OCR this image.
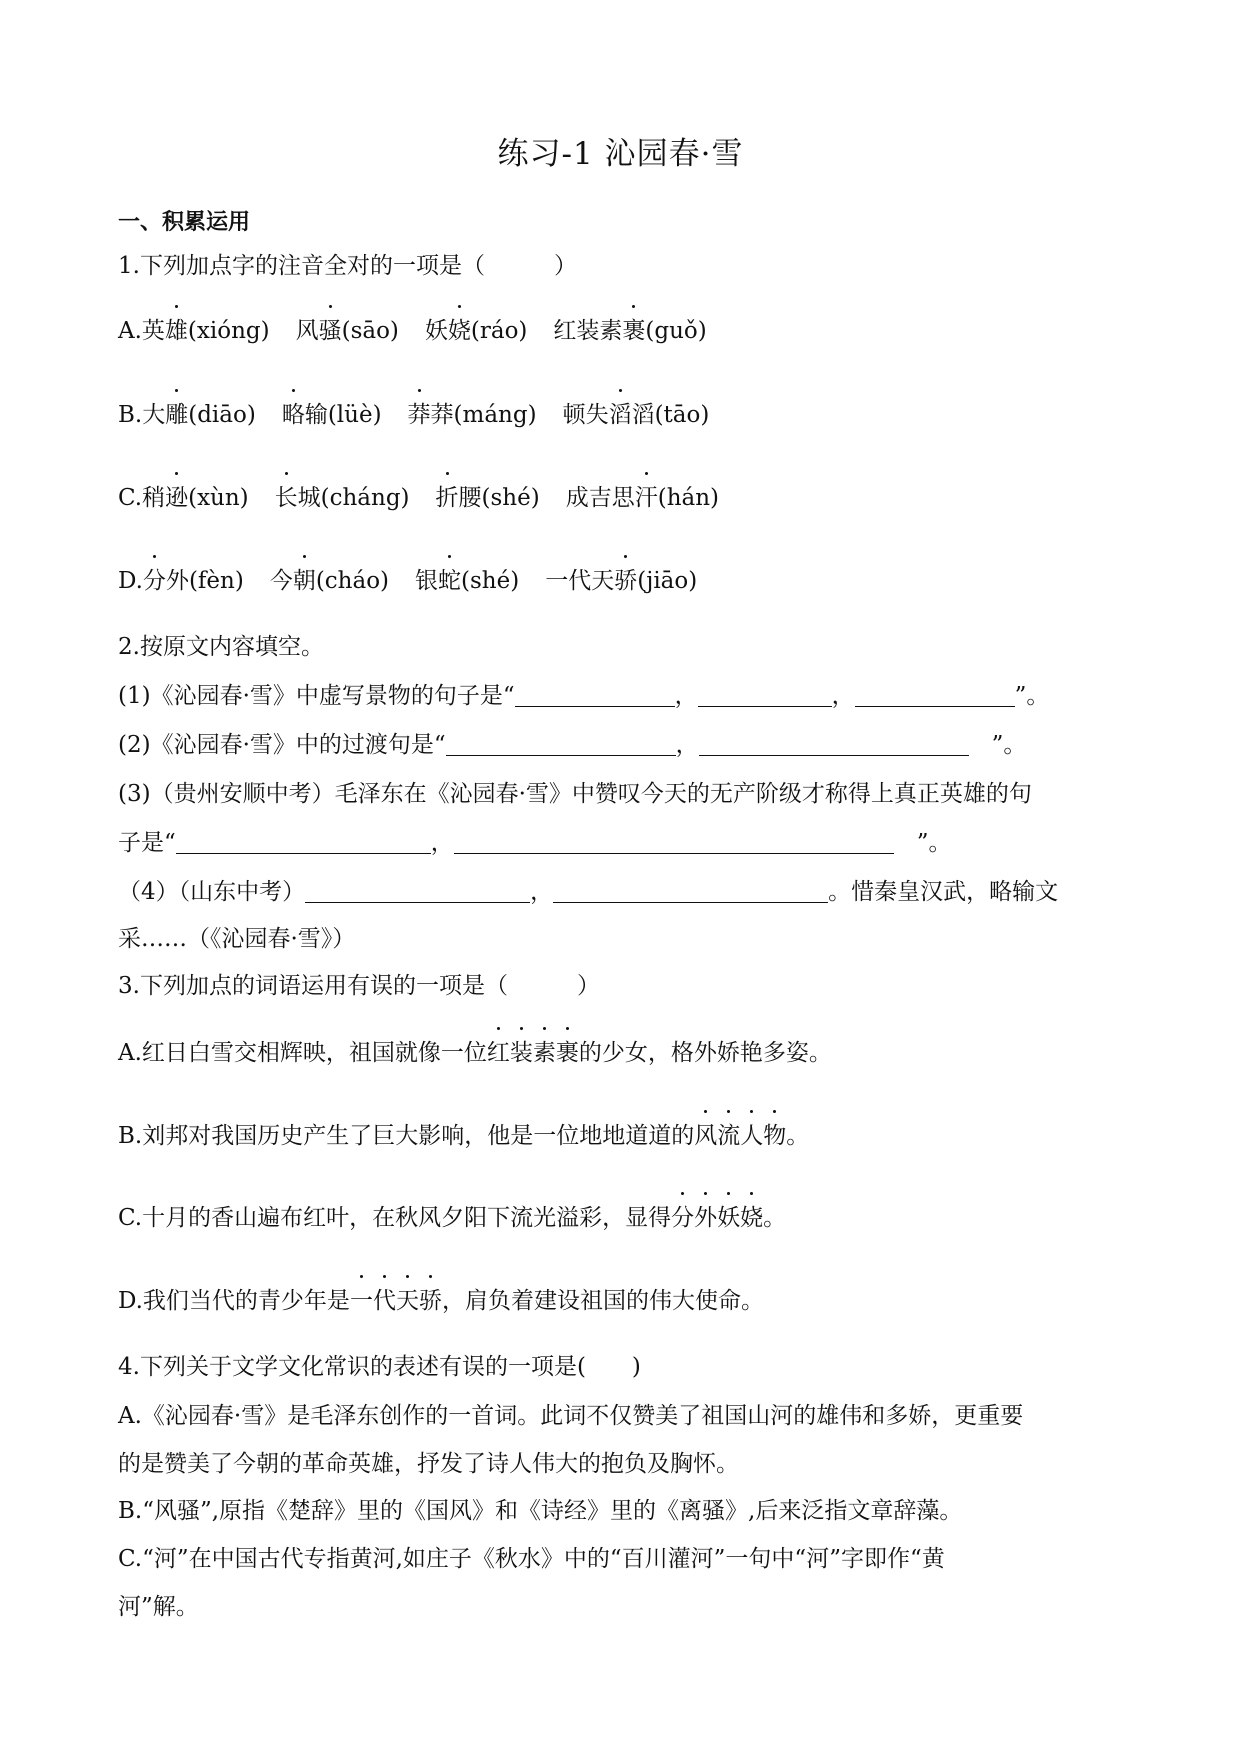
练习-1 沁园春·雪
一、积累运用
1.下列加点字的注音全对的一项是（　　　）
A.英雄(xióng) 风骚(sāo) 妖娆(ráo) 红装素裹(guǒ)
B.大雕(diāo) 略输(lüè) 莽莽(máng) 顿失滔滔(tāo)
C.稍逊(xùn) 长城(cháng) 折腰(shé) 成吉思汗(hán)
D.分外(fèn) 今朝(cháo) 银蛇(shé) 一代天骄(jiāo)
2.按原文内容填空。
(1)《沁园春·雪》中虚写景物的句子是“	，	，	”。
(2)《沁园春·雪》中的过渡句是“	，	　”。
(3)（贵州安顺中考）毛泽东在《沁园春·雪》中赞叹今天的无产阶级才称得上真正英雄的句
子是“	，	　”。
（4）（山东中考）	，	。惜秦皇汉武，略输文
采……（《沁园春·雪》）
3.下列加点的词语运用有误的一项是（　　　）
A.红日白雪交相辉映，祖国就像一位红装素裹的少女，格外娇艳多姿。
B.刘邦对我国历史产生了巨大影响，他是一位地地道道的风流人物。
C.十月的香山遍布红叶，在秋风夕阳下流光溢彩，显得分外妖娆。
D.我们当代的青少年是一代天骄，肩负着建设祖国的伟大使命。
4.下列关于文学文化常识的表述有误的一项是(　　)
A.《沁园春·雪》是毛泽东创作的一首词。此词不仅赞美了祖国山河的雄伟和多娇，更重要
的是赞美了今朝的革命英雄，抒发了诗人伟大的抱负及胸怀。
B.“风骚”,原指《楚辞》里的《国风》和《诗经》里的《离骚》,后来泛指文章辞藻。
C.“河”在中国古代专指黄河,如庄子《秋水》中的“百川灌河”一句中“河”字即作“黄
河”解。
